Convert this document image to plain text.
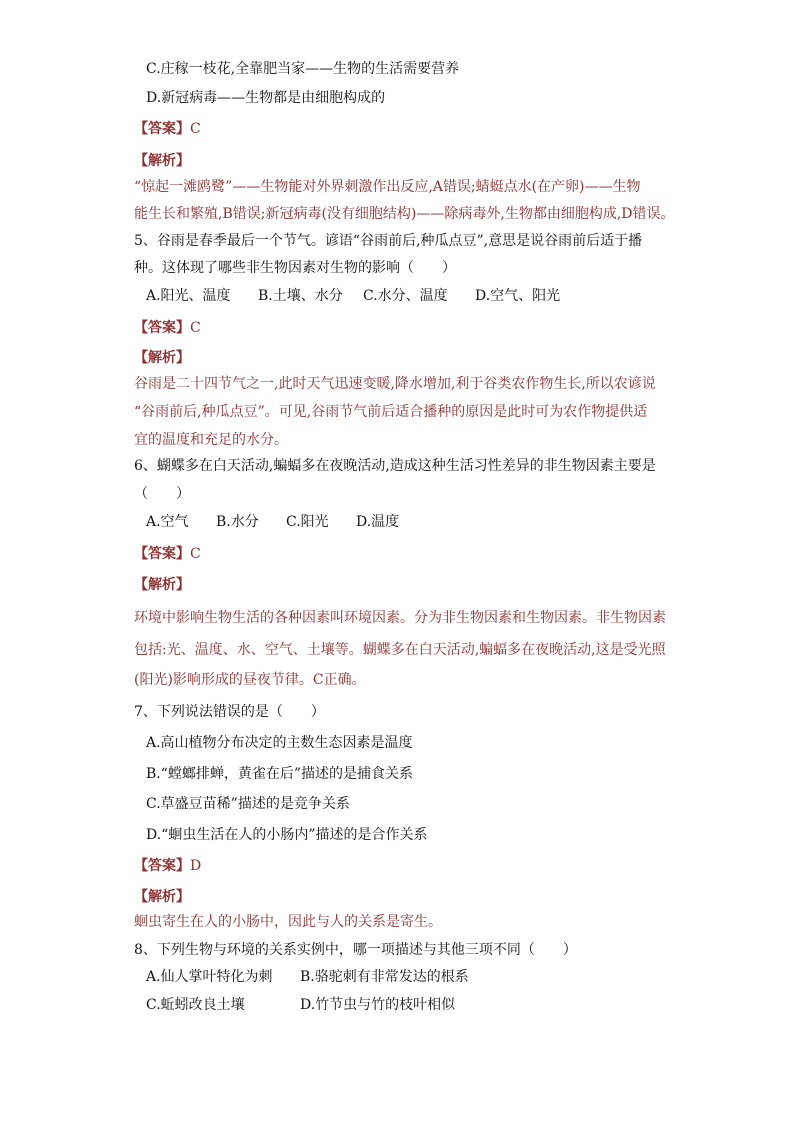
C.庄稼一枝花,全靠肥当家——生物的生活需要营养
D.新冠病毒——生物都是由细胞构成的
【答案】C
【解析】
“惊起一滩鸥鹭”——生物能对外界刺激作出反应,A错误;蜻蜓点水(在产卵)——生物
能生长和繁殖,B错误;新冠病毒(没有细胞结构)——除病毒外,生物都由细胞构成,D错误。
5、谷雨是春季最后一个节气。谚语“谷雨前后,种瓜点豆”,意思是说谷雨前后适于播
种。这体现了哪些非生物因素对生物的影响（　　）
A.阳光、温度 B.土壤、水分 C.水分、温度 D.空气、阳光
【答案】C
【解析】
谷雨是二十四节气之一,此时天气迅速变暖,降水增加,利于谷类农作物生长,所以农谚说
“谷雨前后,种瓜点豆”。可见,谷雨节气前后适合播种的原因是此时可为农作物提供适
宜的温度和充足的水分。
6、蝴蝶多在白天活动,蝙蝠多在夜晚活动,造成这种生活习性差异的非生物因素主要是
（　　）
A.空气 B.水分 C.阳光 D.温度
【答案】C
【解析】
环境中影响生物生活的各种因素叫环境因素。分为非生物因素和生物因素。非生物因素
包括:光、温度、水、空气、土壤等。蝴蝶多在白天活动,蝙蝠多在夜晚活动,这是受光照
(阳光)影响形成的昼夜节律。C正确。
7、下列说法错误的是（　　）
A.高山植物分布决定的主数生态因素是温度
B.“螳螂排蝉，黄雀在后”描述的是捕食关系
C.草盛豆苗稀”描述的是竞争关系
D.“蛔虫生活在人的小肠内”描述的是合作关系
【答案】D
【解析】
蛔虫寄生在人的小肠中，因此与人的关系是寄生。
8、下列生物与环境的关系实例中，哪一项描述与其他三项不同（　　）
A.仙人掌叶特化为刺 B.骆驼刺有非常发达的根系
C.蚯蚓改良土壤	D.竹节虫与竹的枝叶相似
